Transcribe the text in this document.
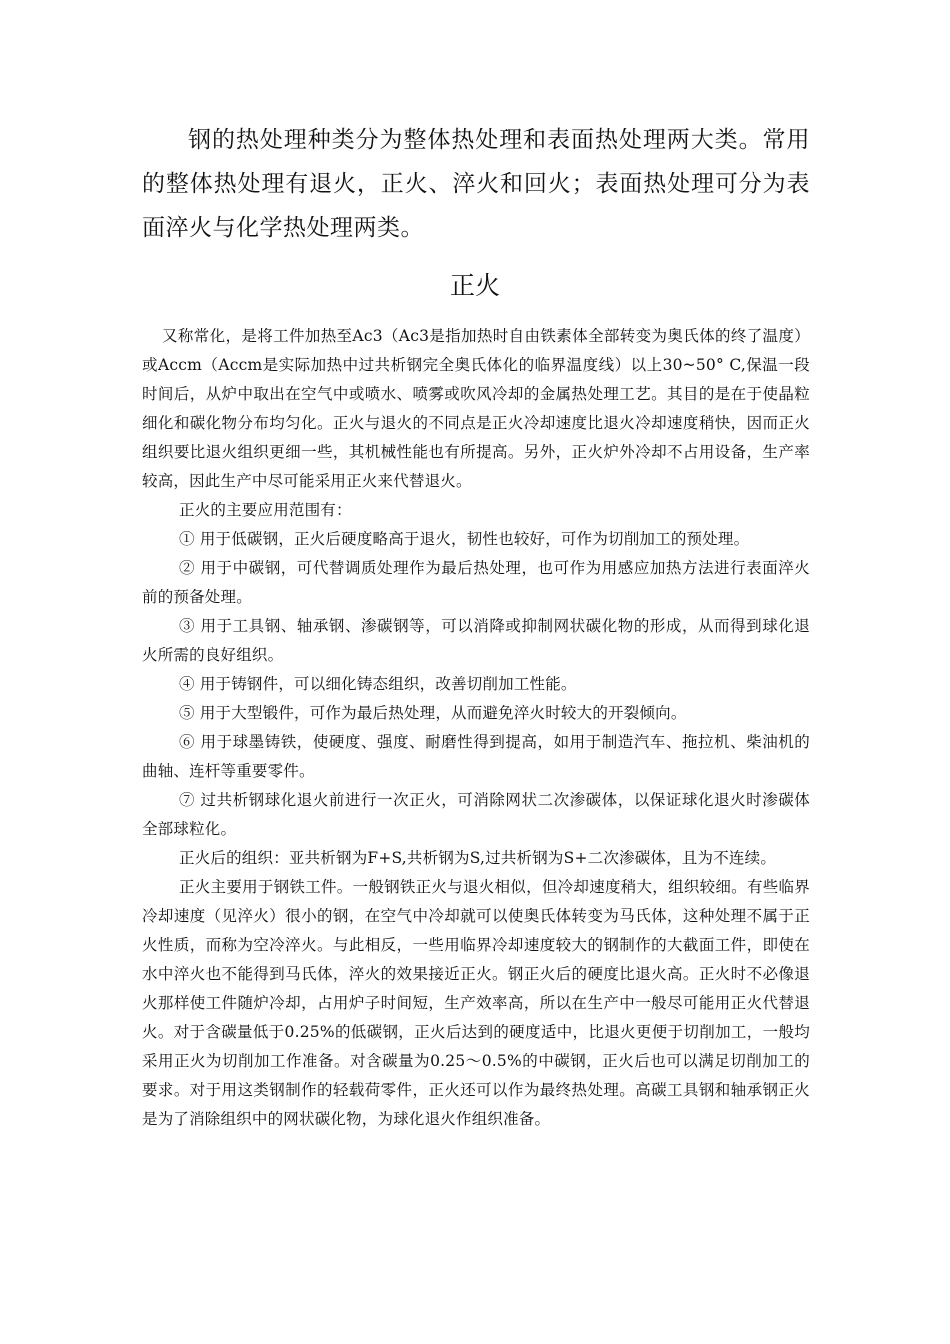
钢的热处理种类分为整体热处理和表面热处理两大类。常用的整体热处理有退火，正火、淬火和回火；表面热处理可分为表面淬火与化学热处理两类。

正火

又称常化，是将工件加热至Ac3（Ac3是指加热时自由铁素体全部转变为奥氏体的终了温度）或Accm（Accm是实际加热中过共析钢完全奥氏体化的临界温度线）以上30~50° C,保温一段时间后，从炉中取出在空气中或喷水、喷雾或吹风冷却的金属热处理工艺。其目的是在于使晶粒细化和碳化物分布均匀化。正火与退火的不同点是正火冷却速度比退火冷却速度稍快，因而正火组织要比退火组织更细一些，其机械性能也有所提高。另外，正火炉外冷却不占用设备，生产率较高，因此生产中尽可能采用正火来代替退火。

正火的主要应用范围有：

① 用于低碳钢，正火后硬度略高于退火，韧性也较好，可作为切削加工的预处理。

② 用于中碳钢，可代替调质处理作为最后热处理，也可作为用感应加热方法进行表面淬火前的预备处理。

③ 用于工具钢、轴承钢、渗碳钢等，可以消降或抑制网状碳化物的形成，从而得到球化退火所需的良好组织。

④ 用于铸钢件，可以细化铸态组织，改善切削加工性能。

⑤ 用于大型锻件，可作为最后热处理，从而避免淬火时较大的开裂倾向。

⑥ 用于球墨铸铁，使硬度、强度、耐磨性得到提高，如用于制造汽车、拖拉机、柴油机的曲轴、连杆等重要零件。

⑦ 过共析钢球化退火前进行一次正火，可消除网状二次渗碳体，以保证球化退火时渗碳体全部球粒化。

正火后的组织：亚共析钢为F+S,共析钢为S,过共析钢为S+二次渗碳体，且为不连续。

正火主要用于钢铁工件。一般钢铁正火与退火相似，但冷却速度稍大，组织较细。有些临界冷却速度（见淬火）很小的钢，在空气中冷却就可以使奥氏体转变为马氏体，这种处理不属于正火性质，而称为空冷淬火。与此相反，一些用临界冷却速度较大的钢制作的大截面工件，即使在水中淬火也不能得到马氏体，淬火的效果接近正火。钢正火后的硬度比退火高。正火时不必像退火那样使工件随炉冷却，占用炉子时间短，生产效率高，所以在生产中一般尽可能用正火代替退火。对于含碳量低于0.25%的低碳钢，正火后达到的硬度适中，比退火更便于切削加工，一般均采用正火为切削加工作准备。对含碳量为0.25～0.5%的中碳钢，正火后也可以满足切削加工的要求。对于用这类钢制作的轻载荷零件，正火还可以作为最终热处理。高碳工具钢和轴承钢正火是为了消除组织中的网状碳化物，为球化退火作组织准备。
